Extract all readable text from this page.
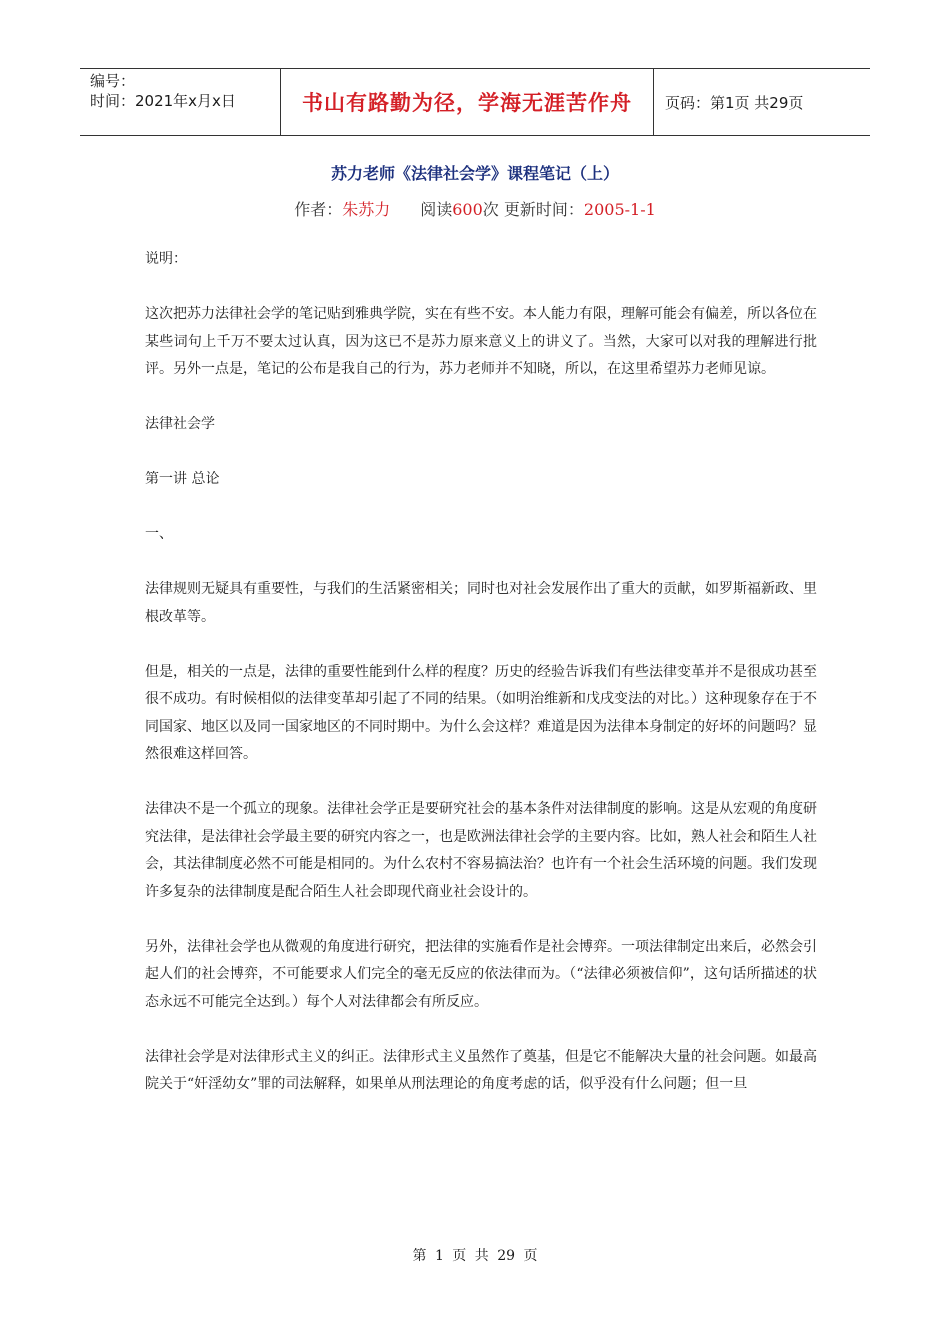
编号：
时间：2021年x月x日	书山有路勤为径，学海无涯苦作舟	页码：第1页 共29页
苏力老师《法律社会学》课程笔记（上）
作者：朱苏力 阅读600次 更新时间：2005-1-1

说明：

这次把苏力法律社会学的笔记贴到雅典学院，实在有些不安。本人能力有限，理解可能会有偏差，所以各位在某些词句上千万不要太过认真，因为这已不是苏力原来意义上的讲义了。当然，大家可以对我的理解进行批评。另外一点是，笔记的公布是我自己的行为，苏力老师并不知晓，所以，在这里希望苏力老师见谅。

法律社会学

第一讲 总论

一、

法律规则无疑具有重要性，与我们的生活紧密相关；同时也对社会发展作出了重大的贡献，如罗斯福新政、里根改革等。

但是，相关的一点是，法律的重要性能到什么样的程度？历史的经验告诉我们有些法律变革并不是很成功甚至很不成功。有时候相似的法律变革却引起了不同的结果。（如明治维新和戊戌变法的对比。）这种现象存在于不同国家、地区以及同一国家地区的不同时期中。为什么会这样？难道是因为法律本身制定的好坏的问题吗？显然很难这样回答。

法律决不是一个孤立的现象。法律社会学正是要研究社会的基本条件对法律制度的影响。这是从宏观的角度研究法律，是法律社会学最主要的研究内容之一，也是欧洲法律社会学的主要内容。比如，熟人社会和陌生人社会，其法律制度必然不可能是相同的。为什么农村不容易搞法治？也许有一个社会生活环境的问题。我们发现许多复杂的法律制度是配合陌生人社会即现代商业社会设计的。

另外，法律社会学也从微观的角度进行研究，把法律的实施看作是社会博弈。一项法律制定出来后，必然会引起人们的社会博弈，不可能要求人们完全的毫无反应的依法律而为。（“法律必须被信仰”，这句话所描述的状态永远不可能完全达到。）每个人对法律都会有所反应。

法律社会学是对法律形式主义的纠正。法律形式主义虽然作了奠基，但是它不能解决大量的社会问题。如最高院关于“奸淫幼女”罪的司法解释，如果单从刑法理论的角度考虑的话，似乎没有什么问题；但一旦

第 1 页 共 29 页
